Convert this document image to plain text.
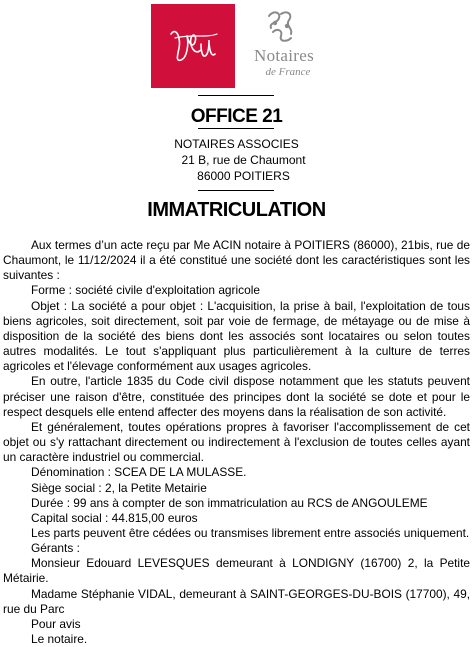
Notaires
de France
OFFICE 21
NOTAIRES ASSOCIES
21 B, rue de Chaumont
86000 POITIERS
IMMATRICULATION

Aux termes d’un acte reçu par Me ACIN notaire à POITIERS (86000), 21bis, rue de Chaumont, le 11/12/2024 il a été constitué une société dont les caractéristiques sont les suivantes :

Forme : société civile d'exploitation agricole

Objet : La société a pour objet : L'acquisition, la prise à bail, l'exploitation de tous biens agricoles, soit directement, soit par voie de fermage, de métayage ou de mise à disposition de la société des biens dont les associés sont locataires ou selon toutes autres modalités. Le tout s'appliquant plus particulièrement à la culture de terres agricoles et l'élevage conformément aux usages agricoles.

En outre, l'article 1835 du Code civil dispose notamment que les statuts peuvent préciser une raison d'être, constituée des principes dont la société se dote et pour le respect desquels elle entend affecter des moyens dans la réalisation de son activité.

Et généralement, toutes opérations propres à favoriser l'accomplissement de cet objet ou s'y rattachant directement ou indirectement à l'exclusion de toutes celles ayant un caractère industriel ou commercial.

Dénomination : SCEA DE LA MULASSE.

Siège social : 2, la Petite Metairie

Durée : 99 ans à compter de son immatriculation au RCS de ANGOULEME

Capital social : 44.815,00 euros

Les parts peuvent être cédées ou transmises librement entre associés uniquement.

Gérants :

Monsieur Edouard LEVESQUES demeurant à LONDIGNY (16700) 2, la Petite Métairie.

Madame Stéphanie VIDAL, demeurant à SAINT-GEORGES-DU-BOIS (17700), 49, rue du Parc

Pour avis

Le notaire.
